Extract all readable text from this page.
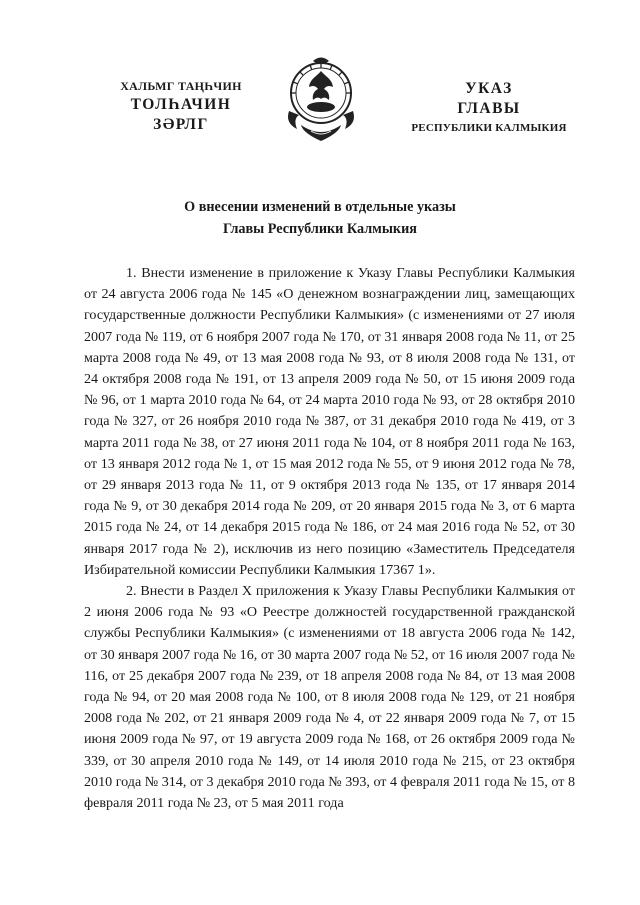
ХАЛЬМГ ТАҢҺЧИН
ТОЛҺАЧИН
ЗӘРЛГ
УКАЗ
ГЛАВЫ
РЕСПУБЛИКИ КАЛМЫКИЯ
О внесении изменений в отдельные указы
Главы Республики Калмыкия

1. Внести изменение в приложение к Указу Главы Республики Калмыкия от 24 августа 2006 года № 145 «О денежном вознаграждении лиц, замещающих государственные должности Республики Калмыкия» (с изменениями от 27 июля 2007 года № 119, от 6 ноября 2007 года № 170, от 31 января 2008 года № 11, от 25 марта 2008 года № 49, от 13 мая 2008 года № 93, от 8 июля 2008 года № 131, от 24 октября 2008 года № 191, от 13 апреля 2009 года № 50, от 15 июня 2009 года № 96, от 1 марта 2010 года № 64, от 24 марта 2010 года № 93, от 28 октября 2010 года № 327, от 26 ноября 2010 года № 387, от 31 декабря 2010 года № 419, от 3 марта 2011 года № 38, от 27 июня 2011 года № 104, от 8 ноября 2011 года № 163, от 13 января 2012 года № 1, от 15 мая 2012 года № 55, от 9 июня 2012 года № 78, от 29 января 2013 года № 11, от 9 октября 2013 года № 135, от 17 января 2014 года № 9, от 30 декабря 2014 года № 209, от 20 января 2015 года № 3, от 6 марта 2015 года № 24, от 14 декабря 2015 года № 186, от 24 мая 2016 года № 52, от 30 января 2017 года № 2), исключив из него позицию «Заместитель Председателя Избирательной комиссии Республики Калмыкия 17367 1».

2. Внести в Раздел X приложения к Указу Главы Республики Калмыкия от 2 июня 2006 года № 93 «О Реестре должностей государственной гражданской службы Республики Калмыкия» (с изменениями от 18 августа 2006 года № 142, от 30 января 2007 года № 16, от 30 марта 2007 года № 52, от 16 июля 2007 года № 116, от 25 декабря 2007 года № 239, от 18 апреля 2008 года № 84, от 13 мая 2008 года № 94, от 20 мая 2008 года № 100, от 8 июля 2008 года № 129, от 21 ноября 2008 года № 202, от 21 января 2009 года № 4, от 22 января 2009 года № 7, от 15 июня 2009 года № 97, от 19 августа 2009 года № 168, от 26 октября 2009 года № 339, от 30 апреля 2010 года № 149, от 14 июля 2010 года № 215, от 23 октября 2010 года № 314, от 3 декабря 2010 года № 393, от 4 февраля 2011 года № 15, от 8 февраля 2011 года № 23, от 5 мая 2011 года
